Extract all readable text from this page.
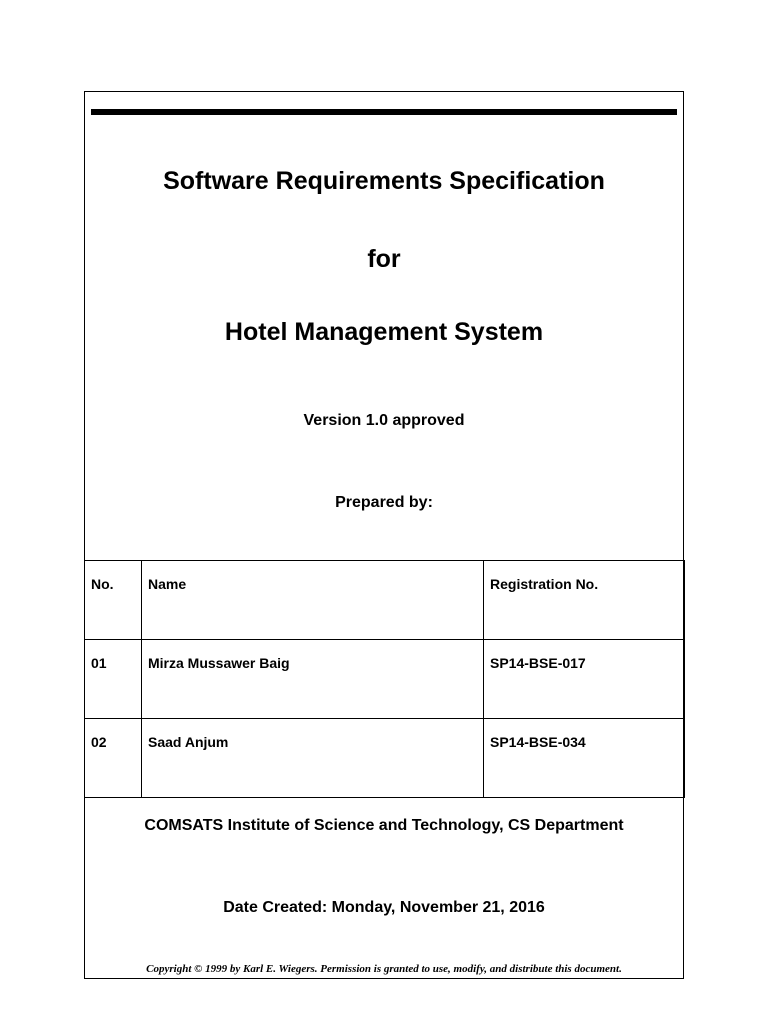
Software Requirements Specification
for
Hotel Management System
Version 1.0 approved
Prepared by:
No.	Name	Registration No.
01	Mirza Mussawer Baig	SP14-BSE-017
02	Saad Anjum	SP14-BSE-034
COMSATS Institute of Science and Technology, CS Department
Date Created: Monday, November 21, 2016
Copyright © 1999 by Karl E. Wiegers. Permission is granted to use, modify, and distribute this document.
